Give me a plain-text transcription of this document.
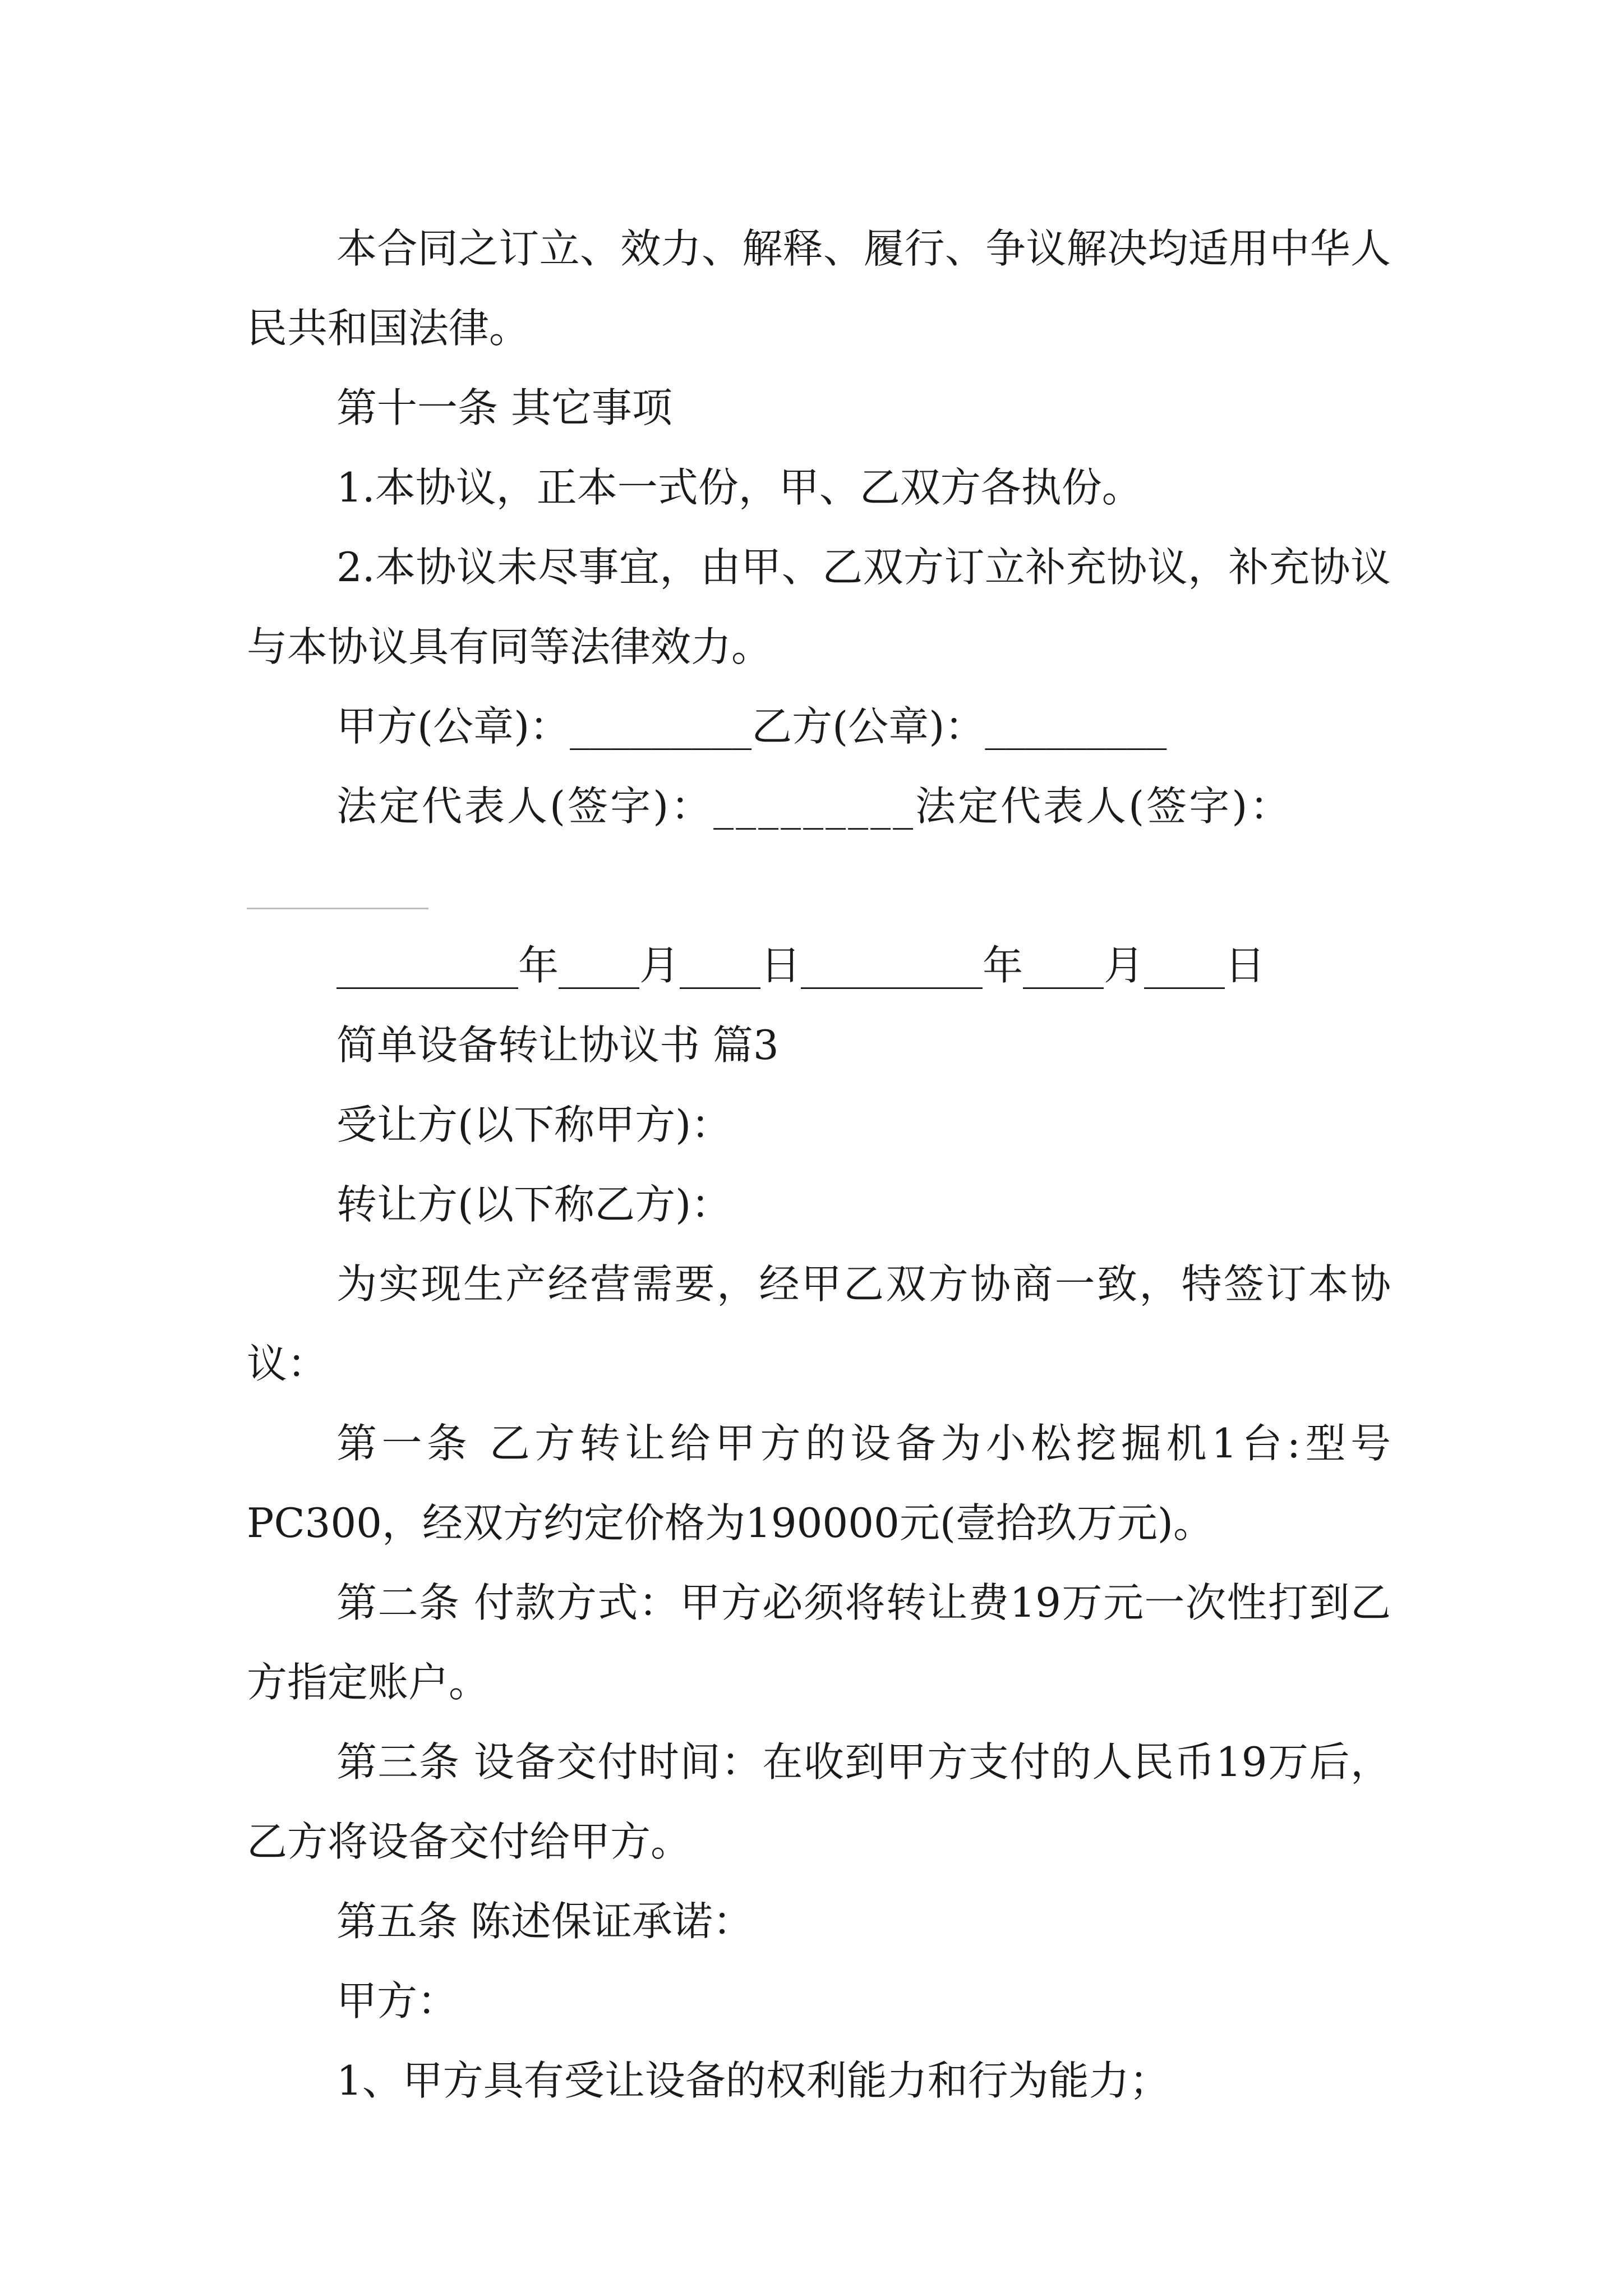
本合同之订立、效力、解释、履行、争议解决均适用中华人民共和国法律。

第十一条 其它事项

1.本协议，正本一式份，甲、乙双方各执份。

2.本协议未尽事宜，由甲、乙双方订立补充协议，补充协议与本协议具有同等法律效力。

甲方(公章)：_________乙方(公章)：_________

法定代表人(签字)：_________法定代表人(签字)：

_________

_________年____月____日_________年____月____日

简单设备转让协议书 篇3

受让方(以下称甲方)：

转让方(以下称乙方)：

为实现生产经营需要，经甲乙双方协商一致，特签订本协议：

第一条 乙方转让给甲方的设备为小松挖掘机1台:型号PC300，经双方约定价格为190000元(壹拾玖万元)。

第二条 付款方式：甲方必须将转让费19万元一次性打到乙方指定账户。

第三条 设备交付时间：在收到甲方支付的人民币19万后，乙方将设备交付给甲方。

第五条 陈述保证承诺：

甲方：

1、甲方具有受让设备的权利能力和行为能力；
